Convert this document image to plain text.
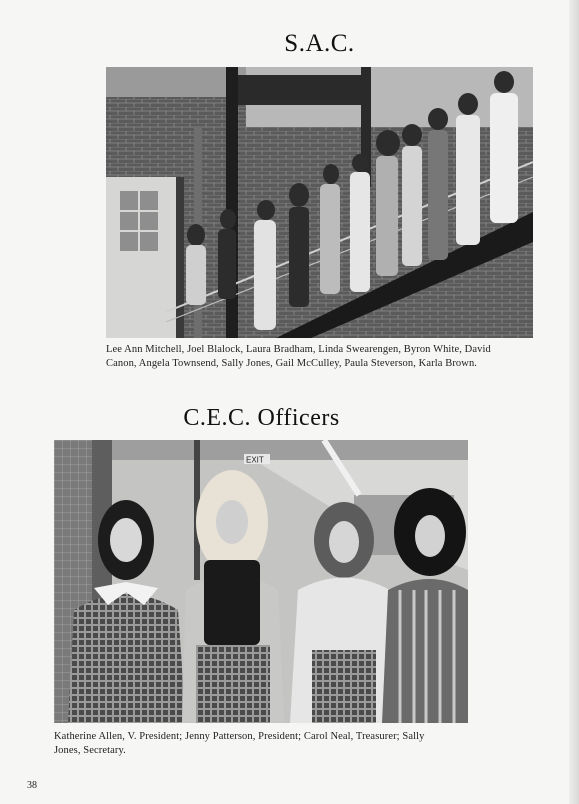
S.A.C.
Lee Ann Mitchell, Joel Blalock, Laura Bradham, Linda Swearengen, Byron White, David
Canon, Angela Townsend, Sally Jones, Gail McCulley, Paula Steverson, Karla Brown.
C.E.C. Officers
EXIT
Katherine Allen, V. President; Jenny Patterson, President; Carol Neal, Treasurer; Sally
Jones, Secretary.
38
